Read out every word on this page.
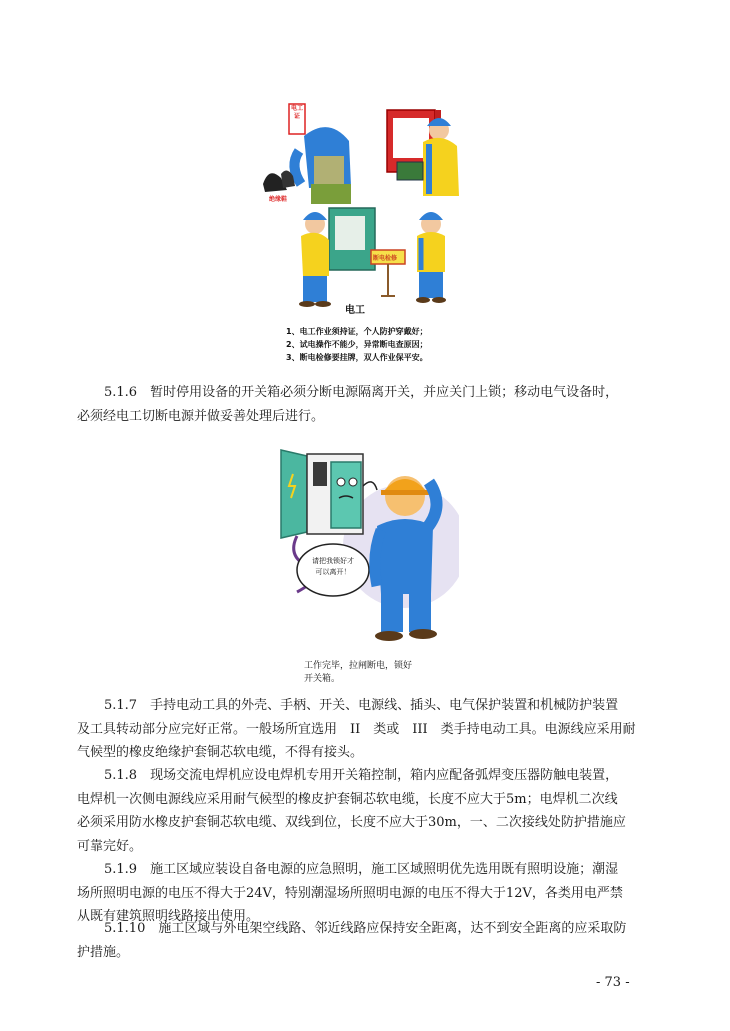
电工证
绝缘鞋
断电检修
电工
1、电工作业须持证，个人防护穿戴好；
2、试电操作不能少，异常断电查原因；
3、断电检修要挂牌，双人作业保平安。
5.1.6　暂时停用设备的开关箱必须分断电源隔离开关，并应关门上锁；移动电气设备时，
必须经电工切断电源并做妥善处理后进行。
请把我锁好才
可以离开！
工作完毕，拉闸断电，锁好
开关箱。
5.1.7　手持电动工具的外壳、手柄、开关、电源线、插头、电气保护装置和机械防护装置
及工具转动部分应完好正常。一般场所宜选用　II　类或　III　类手持电动工具。电源线应采用耐
气候型的橡皮绝缘护套铜芯软电缆，不得有接头。
5.1.8　现场交流电焊机应设电焊机专用开关箱控制，箱内应配备弧焊变压器防触电装置，
电焊机一次侧电源线应采用耐气候型的橡皮护套铜芯软电缆，长度不应大于5m；电焊机二次线
必须采用防水橡皮护套铜芯软电缆、双线到位，长度不应大于30m，一、二次接线处防护措施应
可靠完好。
5.1.9　施工区域应装设自备电源的应急照明，施工区域照明优先选用既有照明设施；潮湿
场所照明电源的电压不得大于24V，特别潮湿场所照明电源的电压不得大于12V，各类用电严禁
从既有建筑照明线路接出使用。
5.1.10　施工区域与外电架空线路、邻近线路应保持安全距离，达不到安全距离的应采取防
护措施。
- 73 -
